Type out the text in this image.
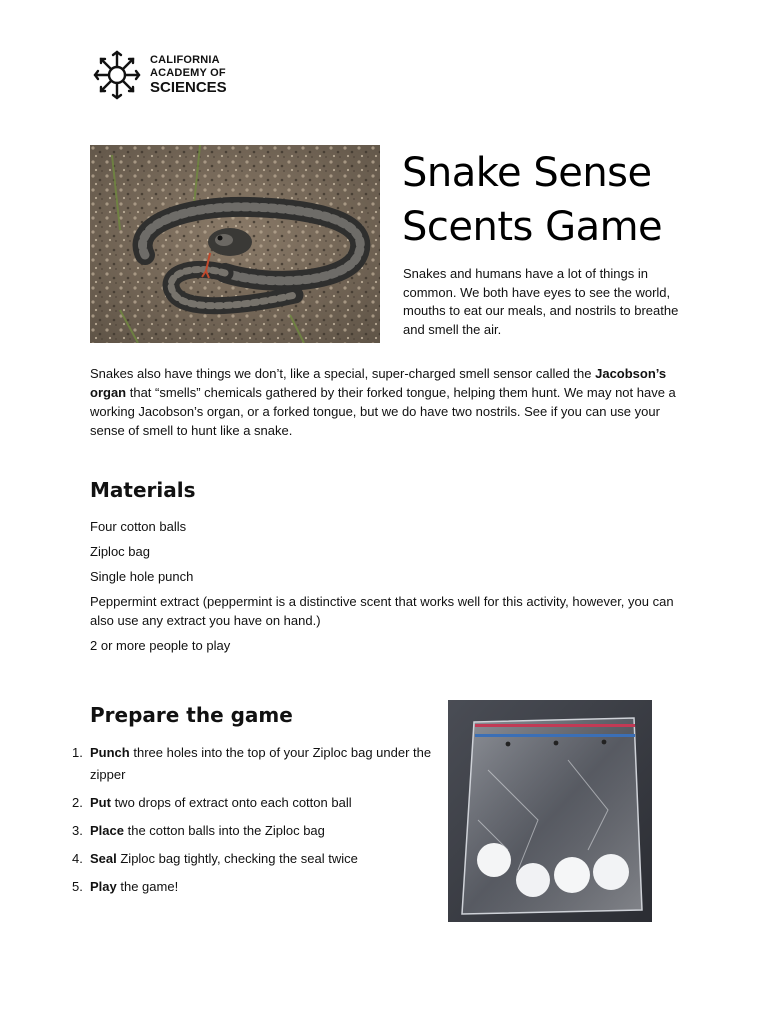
CALIFORNIA
ACADEMY OF
SCIENCES
Snake Sense
Scents Game

Snakes and humans have a lot of things in common. We both have eyes to see the world, mouths to eat our meals, and nostrils to breathe and smell the air.

Snakes also have things we don’t, like a special, super-charged smell sensor called the Jacobson’s organ that “smells” chemicals gathered by their forked tongue, helping them hunt. We may not have a working Jacobson’s organ, or a forked tongue, but we do have two nostrils. See if you can use your sense of smell to hunt like a snake.

Materials
Four cotton balls
Ziploc bag
Single hole punch
Peppermint extract (peppermint is a distinctive scent that works well for this activity, however, you can also use any extract you have on hand.)
2 or more people to play
Prepare the game
1. Punch three holes into the top of your Ziploc bag under the zipper
2. Put two drops of extract onto each cotton ball
3. Place the cotton balls into the Ziploc bag
4. Seal Ziploc bag tightly, checking the seal twice
5. Play the game!
